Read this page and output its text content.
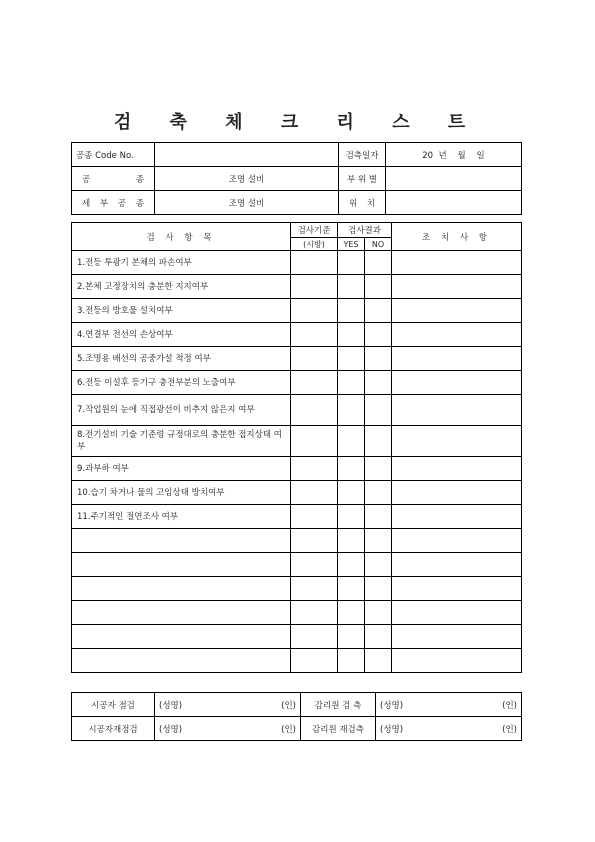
검 축 체 크 리 스 트
공종 Code No.		검측일자	20  년    월    일
공 종	조명 설비	부 위 별	
세 부 공 종	조명 설비	위 치	
검 사 항 목	검사기준	검사결과		조 치 사 항
	(시방)	YES	NO	
1.전등 투광기 본체의 파손여부				
2.본체 고정장치의 충분한 지지여부				
3.전등의 방호물 설치여부				
4.연결부 전선의 손상여부				
5.조명용 배선의 공중가설 적정 여부				
6.전등 이설후 등기구 충전부분의 노출여부				
7.작업원의 눈에 직접광선이 비추지 않은지 여부				
8.전기설비 기술 기준령 규정대로의 충분한 접지상태 여부				
9.과부하 여부				
10.습기 차거나 물의 고임상태 방치여부				
11.주기적인 절연조사 여부				

시공자 점검	(성명) (인)	감리원 검 측	(성명) (인)

시공자재점검	(성명) (인)	감리원 재검측	(성명) (인)
